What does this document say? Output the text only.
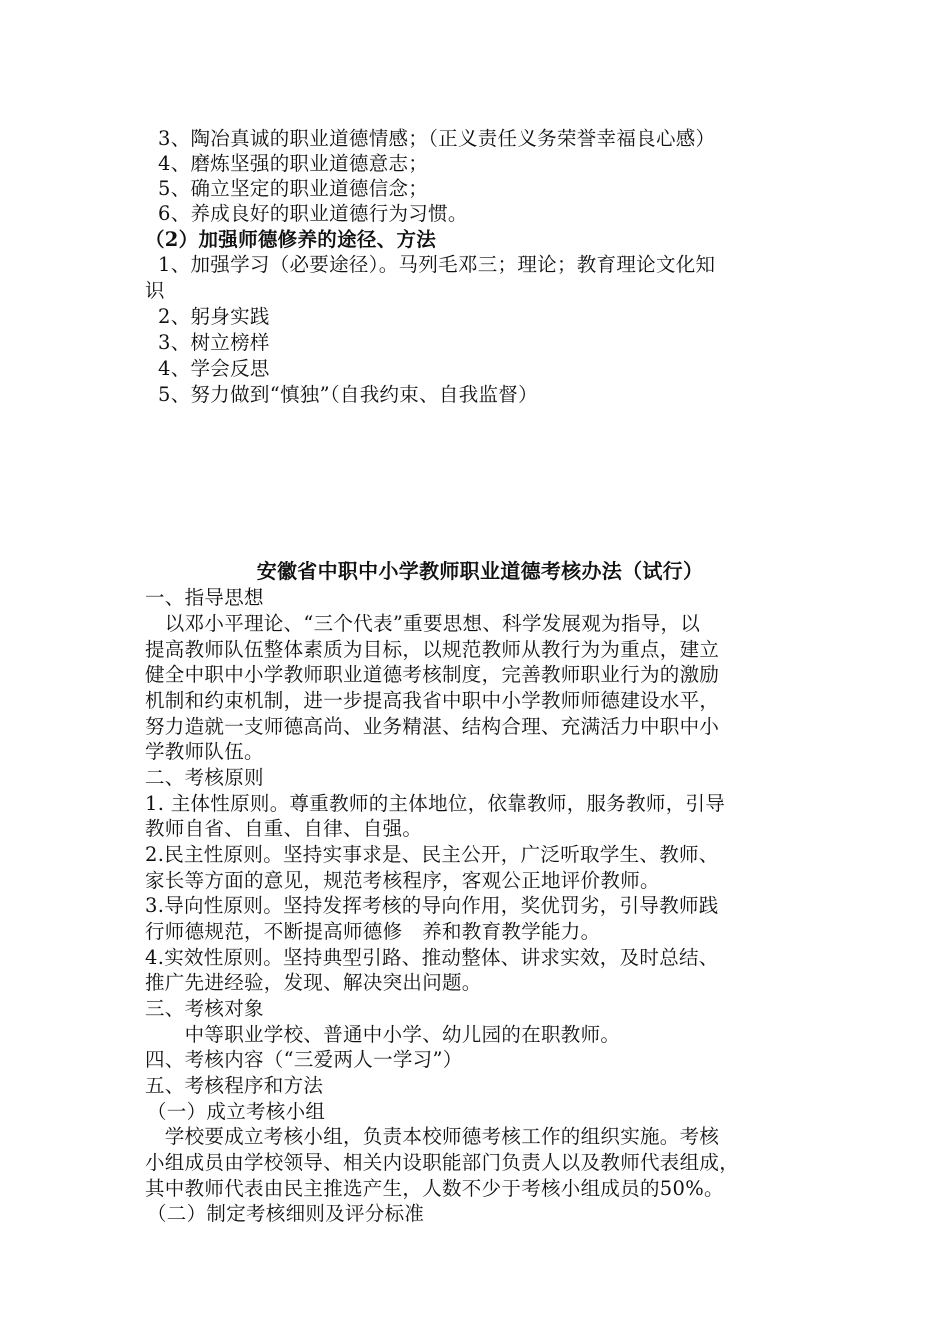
3、陶冶真诚的职业道德情感；（正义责任义务荣誉幸福良心感）
4、磨炼坚强的职业道德意志；
5、确立坚定的职业道德信念；
6、养成良好的职业道德行为习惯。
（2）加强师德修养的途径、方法
1、加强学习（必要途径）。马列毛邓三；理论；教育理论文化知
识
2、躬身实践
3、树立榜样
4、学会反思
5、努力做到“慎独”（自我约束、自我监督）
安徽省中职中小学教师职业道德考核办法（试行）
一、指导思想
　以邓小平理论、“三个代表”重要思想、科学发展观为指导，以
提高教师队伍整体素质为目标，以规范教师从教行为为重点，建立
健全中职中小学教师职业道德考核制度，完善教师职业行为的激励
机制和约束机制，进一步提高我省中职中小学教师师德建设水平，
努力造就一支师德高尚、业务精湛、结构合理、充满活力中职中小
学教师队伍。
二、考核原则
1. 主体性原则。尊重教师的主体地位，依靠教师，服务教师，引导
教师自省、自重、自律、自强。
2.民主性原则。坚持实事求是、民主公开，广泛听取学生、教师、
家长等方面的意见，规范考核程序，客观公正地评价教师。
3.导向性原则。坚持发挥考核的导向作用，奖优罚劣，引导教师践
行师德规范，不断提高师德修　养和教育教学能力。
4.实效性原则。坚持典型引路、推动整体、讲求实效，及时总结、
推广先进经验，发现、解决突出问题。
三、考核对象
　　中等职业学校、普通中小学、幼儿园的在职教师。
四、考核内容（“三爱两人一学习”）
五、考核程序和方法
（一）成立考核小组
　学校要成立考核小组，负责本校师德考核工作的组织实施。考核
小组成员由学校领导、相关内设职能部门负责人以及教师代表组成，
其中教师代表由民主推选产生，人数不少于考核小组成员的50%。
（二）制定考核细则及评分标准
